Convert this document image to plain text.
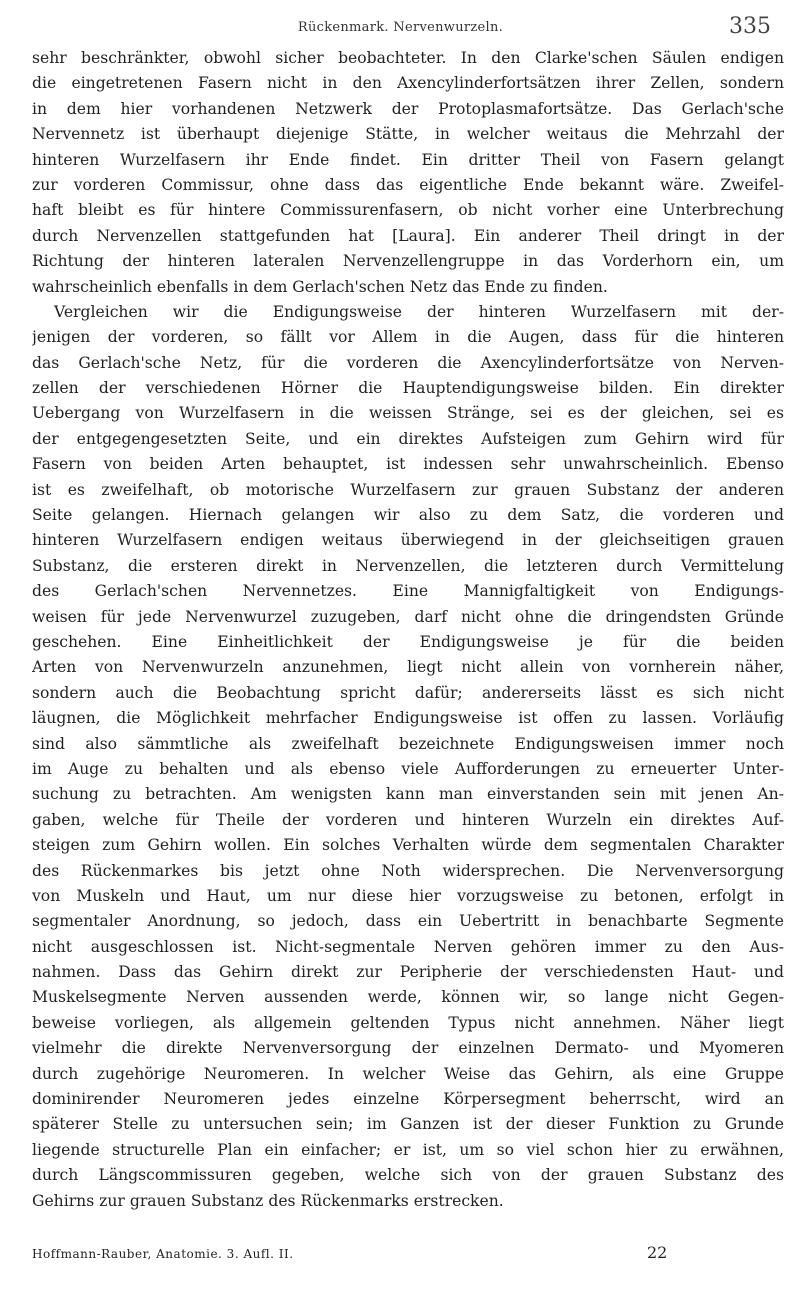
Rückenmark. Nervenwurzeln.	335
sehr beschränkter, obwohl sicher beobachteter. In den Clarke'schen Säulen endigen
die eingetretenen Fasern nicht in den Axencylinderfortsätzen ihrer Zellen, sondern
in dem hier vorhandenen Netzwerk der Protoplasmafortsätze. Das Gerlach'sche
Nervennetz ist überhaupt diejenige Stätte, in welcher weitaus die Mehrzahl der
hinteren Wurzelfasern ihr Ende findet. Ein dritter Theil von Fasern gelangt
zur vorderen Commissur, ohne dass das eigentliche Ende bekannt wäre. Zweifel-
haft bleibt es für hintere Commissurenfasern, ob nicht vorher eine Unterbrechung
durch Nervenzellen stattgefunden hat [Laura]. Ein anderer Theil dringt in der
Richtung der hinteren lateralen Nervenzellengruppe in das Vorderhorn ein, um
wahrscheinlich ebenfalls in dem Gerlach'schen Netz das Ende zu finden.
Vergleichen wir die Endigungsweise der hinteren Wurzelfasern mit der-
jenigen der vorderen, so fällt vor Allem in die Augen, dass für die hinteren
das Gerlach'sche Netz, für die vorderen die Axencylinderfortsätze von Nerven-
zellen der verschiedenen Hörner die Hauptendigungsweise bilden. Ein direkter
Uebergang von Wurzelfasern in die weissen Stränge, sei es der gleichen, sei es
der entgegengesetzten Seite, und ein direktes Aufsteigen zum Gehirn wird für
Fasern von beiden Arten behauptet, ist indessen sehr unwahrscheinlich. Ebenso
ist es zweifelhaft, ob motorische Wurzelfasern zur grauen Substanz der anderen
Seite gelangen. Hiernach gelangen wir also zu dem Satz, die vorderen und
hinteren Wurzelfasern endigen weitaus überwiegend in der gleichseitigen grauen
Substanz, die ersteren direkt in Nervenzellen, die letzteren durch Vermittelung
des Gerlach'schen Nervennetzes. Eine Mannigfaltigkeit von Endigungs-
weisen für jede Nervenwurzel zuzugeben, darf nicht ohne die dringendsten Gründe
geschehen. Eine Einheitlichkeit der Endigungsweise je für die beiden
Arten von Nervenwurzeln anzunehmen, liegt nicht allein von vornherein näher,
sondern auch die Beobachtung spricht dafür; andererseits lässt es sich nicht
läugnen, die Möglichkeit mehrfacher Endigungsweise ist offen zu lassen. Vorläufig
sind also sämmtliche als zweifelhaft bezeichnete Endigungsweisen immer noch
im Auge zu behalten und als ebenso viele Aufforderungen zu erneuerter Unter-
suchung zu betrachten. Am wenigsten kann man einverstanden sein mit jenen An-
gaben, welche für Theile der vorderen und hinteren Wurzeln ein direktes Auf-
steigen zum Gehirn wollen. Ein solches Verhalten würde dem segmentalen Charakter
des Rückenmarkes bis jetzt ohne Noth widersprechen. Die Nervenversorgung
von Muskeln und Haut, um nur diese hier vorzugsweise zu betonen, erfolgt in
segmentaler Anordnung, so jedoch, dass ein Uebertritt in benachbarte Segmente
nicht ausgeschlossen ist. Nicht-segmentale Nerven gehören immer zu den Aus-
nahmen. Dass das Gehirn direkt zur Peripherie der verschiedensten Haut- und
Muskelsegmente Nerven aussenden werde, können wir, so lange nicht Gegen-
beweise vorliegen, als allgemein geltenden Typus nicht annehmen. Näher liegt
vielmehr die direkte Nervenversorgung der einzelnen Dermato- und Myomeren
durch zugehörige Neuromeren. In welcher Weise das Gehirn, als eine Gruppe
dominirender Neuromeren jedes einzelne Körpersegment beherrscht, wird an
späterer Stelle zu untersuchen sein; im Ganzen ist der dieser Funktion zu Grunde
liegende structurelle Plan ein einfacher; er ist, um so viel schon hier zu erwähnen,
durch Längscommissuren gegeben, welche sich von der grauen Substanz des
Gehirns zur grauen Substanz des Rückenmarks erstrecken.
Hoffmann-Rauber, Anatomie. 3. Aufl. II.	22
